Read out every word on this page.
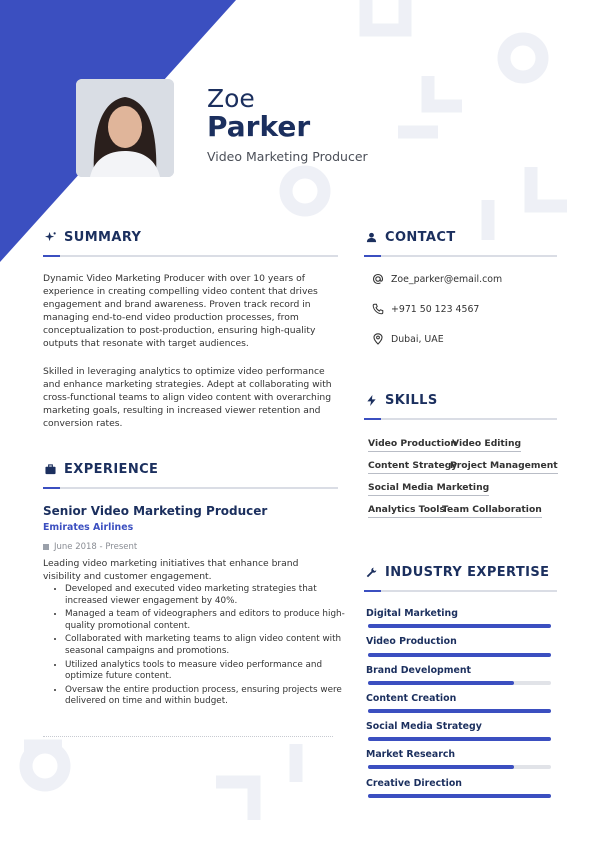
Zoe
Parker
Video Marketing Producer
SUMMARY
Dynamic Video Marketing Producer with over 10 years of experience in creating compelling video content that drives engagement and brand awareness. Proven track record in managing end-to-end video production processes, from conceptualization to post-production, ensuring high-quality outputs that resonate with target audiences.
Skilled in leveraging analytics to optimize video performance and enhance marketing strategies. Adept at collaborating with cross-functional teams to align video content with overarching marketing goals, resulting in increased viewer retention and conversion rates.
EXPERIENCE
Senior Video Marketing Producer
Emirates Airlines
June 2018 - Present
Leading video marketing initiatives that enhance brand visibility and customer engagement.
• Developed and executed video marketing strategies that increased viewer engagement by 40%.
• Managed a team of videographers and editors to produce high-quality promotional content.
• Collaborated with marketing teams to align video content with seasonal campaigns and promotions.
• Utilized analytics tools to measure video performance and optimize future content.
• Oversaw the entire production process, ensuring projects were delivered on time and within budget.
CONTACT
Zoe_parker@email.com
+971 50 123 4567
Dubai, UAE
SKILLS
Video Production
Video Editing
Content Strategy
Project Management
Social Media Marketing
Analytics Tools
Team Collaboration
INDUSTRY EXPERTISE
Digital Marketing
Video Production
Brand Development
Content Creation
Social Media Strategy
Market Research
Creative Direction
